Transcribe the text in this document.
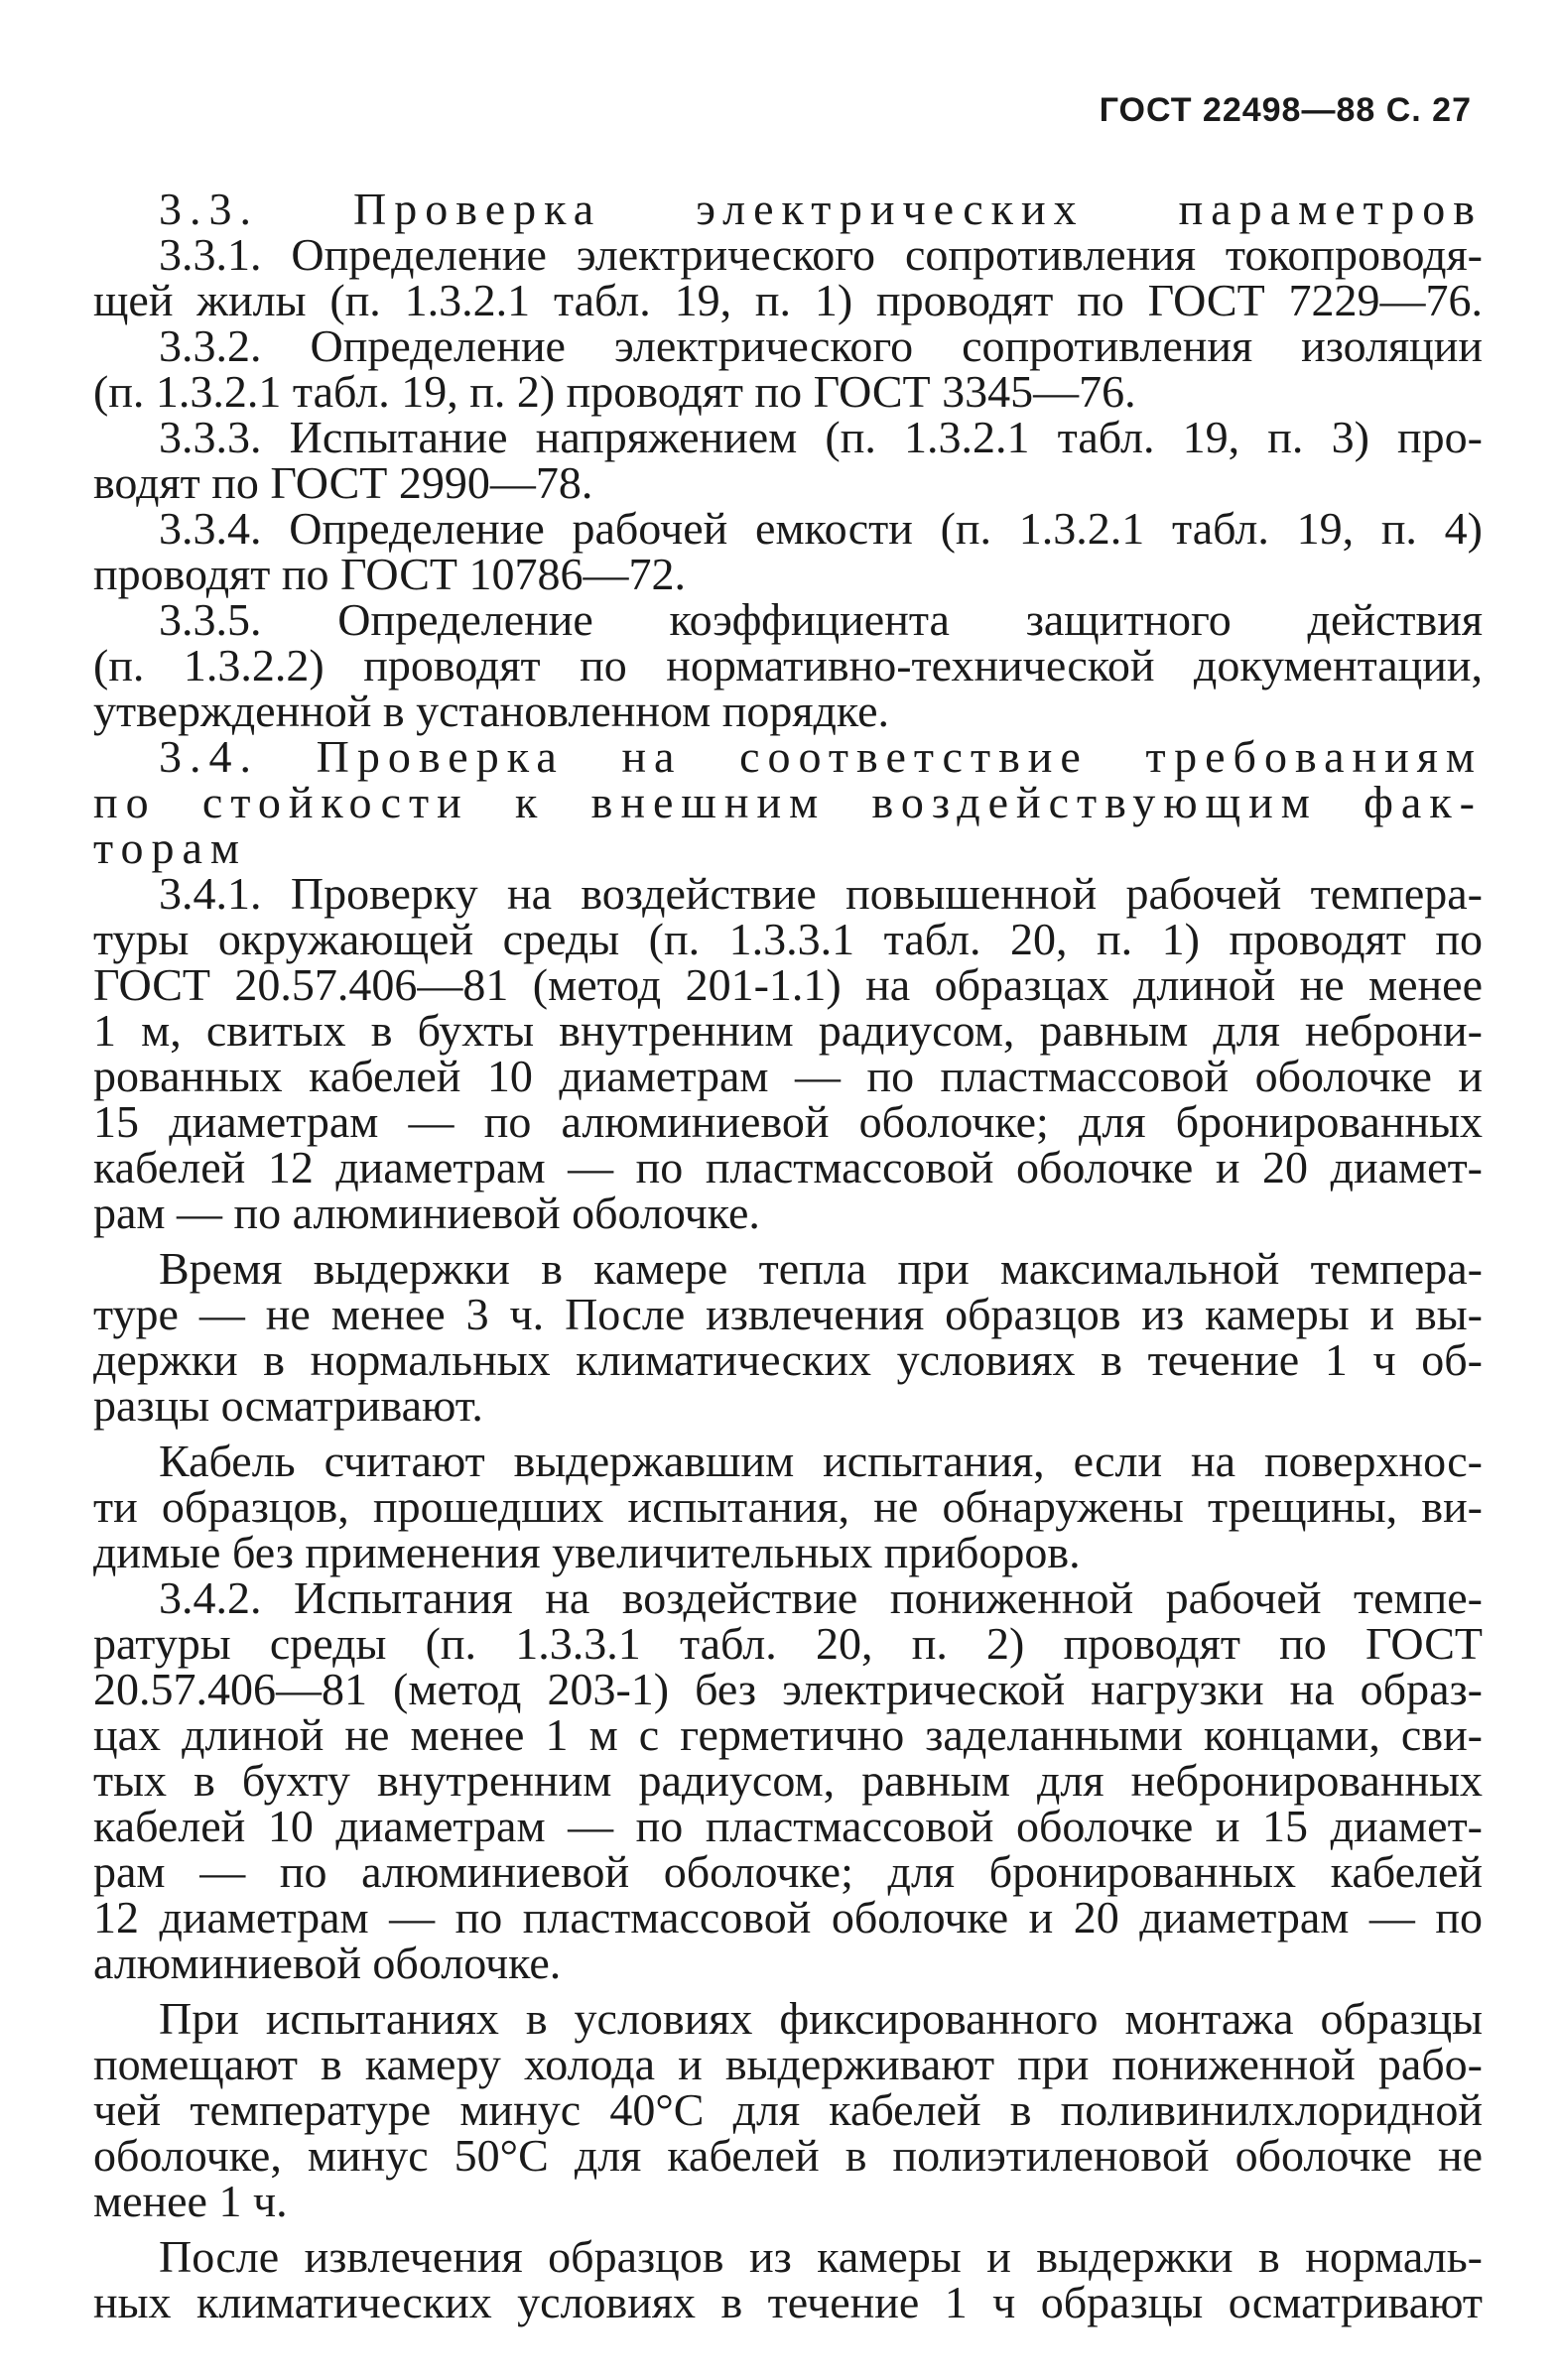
ГОСТ 22498—88 С. 27
3.3. Проверка электрических параметров
3.3.1. Определение электрического сопротивления токопроводя-
щей жилы (п. 1.3.2.1 табл. 19, п. 1) проводят по ГОСТ 7229—76.
3.3.2. Определение электрического сопротивления изоляции
(п. 1.3.2.1 табл. 19, п. 2) проводят по ГОСТ 3345—76.
3.3.3. Испытание напряжением (п. 1.3.2.1 табл. 19, п. 3) про-
водят по ГОСТ 2990—78.
3.3.4. Определение рабочей емкости (п. 1.3.2.1 табл. 19, п. 4)
проводят по ГОСТ 10786—72.
3.3.5. Определение коэффициента защитного действия
(п. 1.3.2.2) проводят по нормативно-технической документации,
утвержденной в установленном порядке.
3.4. Проверка на соответствие требованиям
по стойкости к внешним воздействующим фак-
торам
3.4.1. Проверку на воздействие повышенной рабочей темпера-
туры окружающей среды (п. 1.3.3.1 табл. 20, п. 1) проводят по
ГОСТ 20.57.406—81 (метод 201-1.1) на образцах длиной не менее
1 м, свитых в бухты внутренним радиусом, равным для неброни-
рованных кабелей 10 диаметрам — по пластмассовой оболочке и
15 диаметрам — по алюминиевой оболочке; для бронированных
кабелей 12 диаметрам — по пластмассовой оболочке и 20 диамет-
рам — по алюминиевой оболочке.
Время выдержки в камере тепла при максимальной темпера-
туре — не менее 3 ч. После извлечения образцов из камеры и вы-
держки в нормальных климатических условиях в течение 1 ч об-
разцы осматривают.
Кабель считают выдержавшим испытания, если на поверхнос-
ти образцов, прошедших испытания, не обнаружены трещины, ви-
димые без применения увеличительных приборов.
3.4.2. Испытания на воздействие пониженной рабочей темпе-
ратуры среды (п. 1.3.3.1 табл. 20, п. 2) проводят по ГОСТ
20.57.406—81 (метод 203-1) без электрической нагрузки на образ-
цах длиной не менее 1 м с герметично заделанными концами, сви-
тых в бухту внутренним радиусом, равным для небронированных
кабелей 10 диаметрам — по пластмассовой оболочке и 15 диамет-
рам — по алюминиевой оболочке; для бронированных кабелей
12 диаметрам — по пластмассовой оболочке и 20 диаметрам — по
алюминиевой оболочке.
При испытаниях в условиях фиксированного монтажа образцы
помещают в камеру холода и выдерживают при пониженной рабо-
чей температуре минус 40°С для кабелей в поливинилхлоридной
оболочке, минус 50°С для кабелей в полиэтиленовой оболочке не
менее 1 ч.
После извлечения образцов из камеры и выдержки в нормаль-
ных климатических условиях в течение 1 ч образцы осматривают
